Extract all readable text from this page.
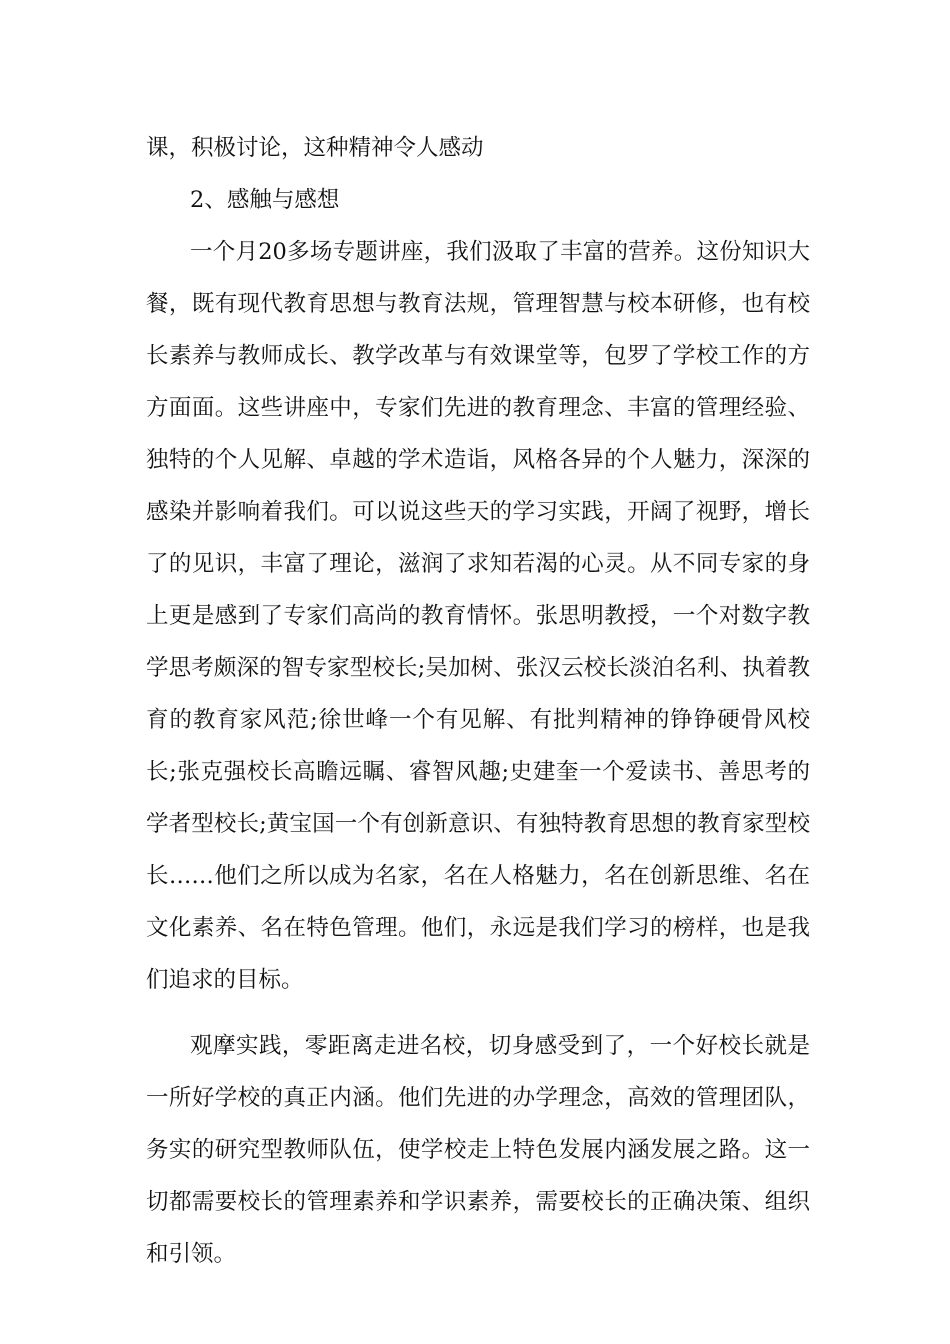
课，积极讨论，这种精神令人感动
2、感触与感想
一个月20多场专题讲座，我们汲取了丰富的营养。这份知识大
餐，既有现代教育思想与教育法规，管理智慧与校本研修，也有校
长素养与教师成长、教学改革与有效课堂等，包罗了学校工作的方
方面面。这些讲座中，专家们先进的教育理念、丰富的管理经验、
独特的个人见解、卓越的学术造诣，风格各异的个人魅力，深深的
感染并影响着我们。可以说这些天的学习实践，开阔了视野，增长
了的见识，丰富了理论，滋润了求知若渴的心灵。从不同专家的身
上更是感到了专家们高尚的教育情怀。张思明教授，一个对数字教
学思考颇深的智专家型校长;吴加树、张汉云校长淡泊名利、执着教
育的教育家风范;徐世峰一个有见解、有批判精神的铮铮硬骨风校
长;张克强校长高瞻远瞩、睿智风趣;史建奎一个爱读书、善思考的
学者型校长;黄宝国一个有创新意识、有独特教育思想的教育家型校
长……他们之所以成为名家，名在人格魅力，名在创新思维、名在
文化素养、名在特色管理。他们，永远是我们学习的榜样，也是我
们追求的目标。
观摩实践，零距离走进名校，切身感受到了，一个好校长就是
一所好学校的真正内涵。他们先进的办学理念，高效的管理团队，
务实的研究型教师队伍，使学校走上特色发展内涵发展之路。这一
切都需要校长的管理素养和学识素养，需要校长的正确决策、组织
和引领。
